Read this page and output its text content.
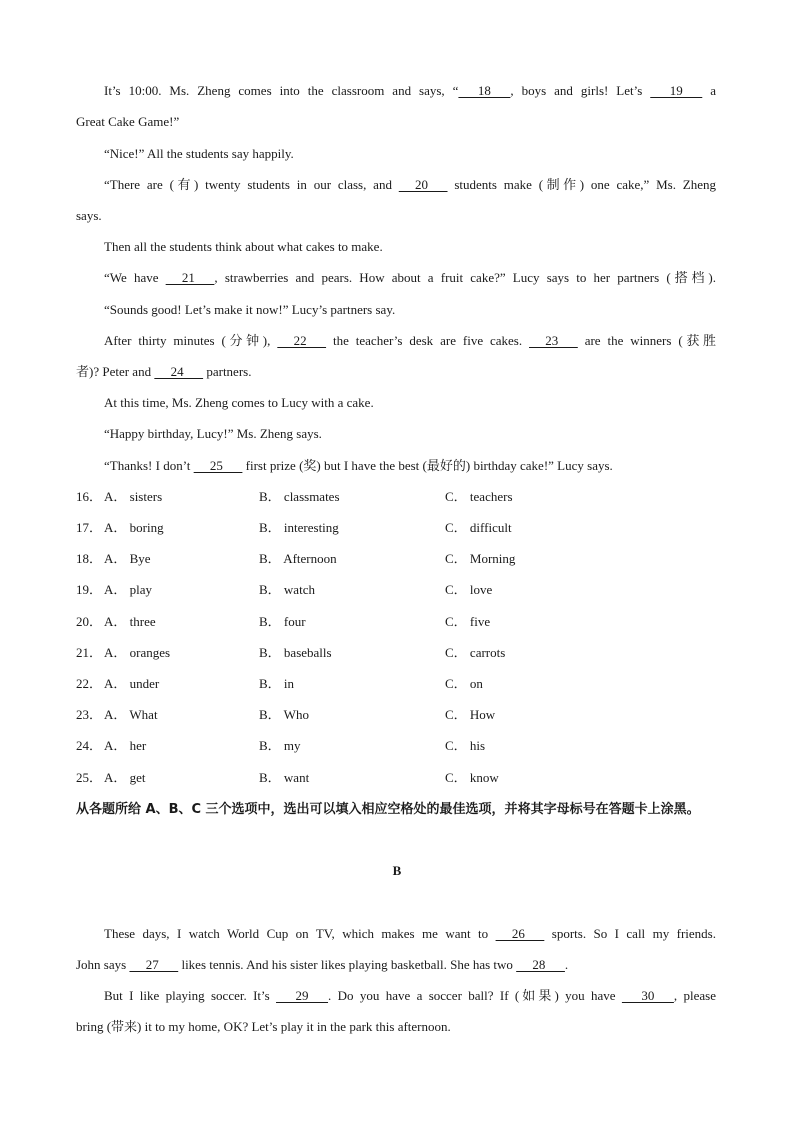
It’s 10:00. Ms. Zheng comes into the classroom and says, “      18      , boys and girls! Let’s       19       a
Great Cake Game!”
“Nice!” All the students say happily.
“There are (有) twenty students in our class, and      20       students make (制作) one cake,” Ms. Zheng
says.
Then all the students think about what cakes to make.
“We have      21      , strawberries and pears. How about a fruit cake?” Lucy says to her partners (搭档).
“Sounds good! Let’s make it now!” Lucy’s partners say.
After thirty minutes (分钟),      22       the teacher’s desk are five cakes.      23       are the winners (获胜
者)? Peter and      24       partners.
At this time, Ms. Zheng comes to Lucy with a cake.
“Happy birthday, Lucy!” Ms. Zheng says.
“Thanks! I don’t      25       first prize (奖) but I have the best (最好的) birthday cake!” Lucy says.
16． A． sisters	B． classmates	C． teachers
17． A． boring	B． interesting	C． difficult
18． A． Bye	B． Afternoon	C． Morning
19． A． play	B． watch	C． love
20． A． three	B． four	C． five
21． A． oranges	B． baseballs	C． carrots
22． A． under	B． in	C． on
23． A． What	B． Who	C． How
24． A． her	B． my	C． his
25． A． get	B． want	C． know
从各题所给 A、B、C 三个选项中，选出可以填入相应空格处的最佳选项，并将其字母标号在答题卡上涂黑。
B
These days, I watch World Cup on TV, which makes me want to      26       sports. So I call my friends.
John says      27       likes tennis. And his sister likes playing basketball. She has two      28      .
But I like playing soccer. It’s       29      . Do you have a soccer ball? If (如果) you have       30      , please
bring (带来) it to my home, OK? Let’s play it in the park this afternoon.
